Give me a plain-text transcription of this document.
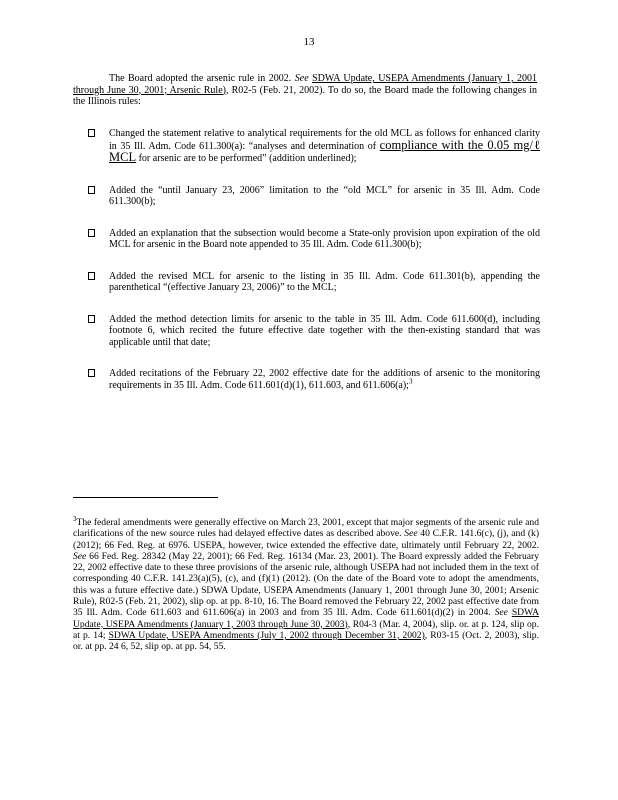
13

The Board adopted the arsenic rule in 2002. See SDWA Update, USEPA Amendments (January 1, 2001 through June 30, 2001; Arsenic Rule), R02-5 (Feb. 21, 2002). To do so, the Board made the following changes in the Illinois rules:

Changed the statement relative to analytical requirements for the old MCL as follows for enhanced clarity in 35 Ill. Adm. Code 611.300(a): “analyses and determination of compliance with the 0.05 mg/ℓ MCL for arsenic are to be performed” (addition underlined);
Added the “until January 23, 2006” limitation to the “old MCL” for arsenic in 35 Ill. Adm. Code 611.300(b);
Added an explanation that the subsection would become a State-only provision upon expiration of the old MCL for arsenic in the Board note appended to 35 Ill. Adm. Code 611.300(b);
Added the revised MCL for arsenic to the listing in 35 Ill. Adm. Code 611.301(b), appending the parenthetical “(effective January 23, 2006)” to the MCL;
Added the method detection limits for arsenic to the table in 35 Ill. Adm. Code 611.600(d), including footnote 6, which recited the future effective date together with the then-existing standard that was applicable until that date;
Added recitations of the February 22, 2002 effective date for the additions of arsenic to the monitoring requirements in 35 Ill. Adm. Code 611.601(d)(1), 611.603, and 611.606(a);$^3$

$^3$The federal amendments were generally effective on March 23, 2001, except that major segments of the arsenic rule and clarifications of the new source rules had delayed effective dates as described above. See 40 C.F.R. 141.6(c), (j), and (k) (2012); 66 Fed. Reg. at 6976. USEPA, however, twice extended the effective date, ultimately until February 22, 2002. See 66 Fed. Reg. 28342 (May 22, 2001); 66 Fed. Reg. 16134 (Mar. 23, 2001). The Board expressly added the February 22, 2002 effective date to these three provisions of the arsenic rule, although USEPA had not included them in the text of corresponding 40 C.F.R. 141.23(a)(5), (c), and (f)(1) (2012). (On the date of the Board vote to adopt the amendments, this was a future effective date.) SDWA Update, USEPA Amendments (January 1, 2001 through June 30, 2001; Arsenic Rule), R02-5 (Feb. 21, 2002), slip op. at pp. 8-10, 16. The Board removed the February 22, 2002 past effective date from 35 Ill. Adm. Code 611.603 and 611.606(a) in 2003 and from 35 Ill. Adm. Code 611.601(d)(2) in 2004. See SDWA Update, USEPA Amendments (January 1, 2003 through June 30, 2003), R04-3 (Mar. 4, 2004), slip. or. at p. 124, slip op. at p. 14; SDWA Update, USEPA Amendments (July 1, 2002 through December 31, 2002), R03-15 (Oct. 2, 2003), slip. or. at pp. 24 6, 52, slip op. at pp. 54, 55.
